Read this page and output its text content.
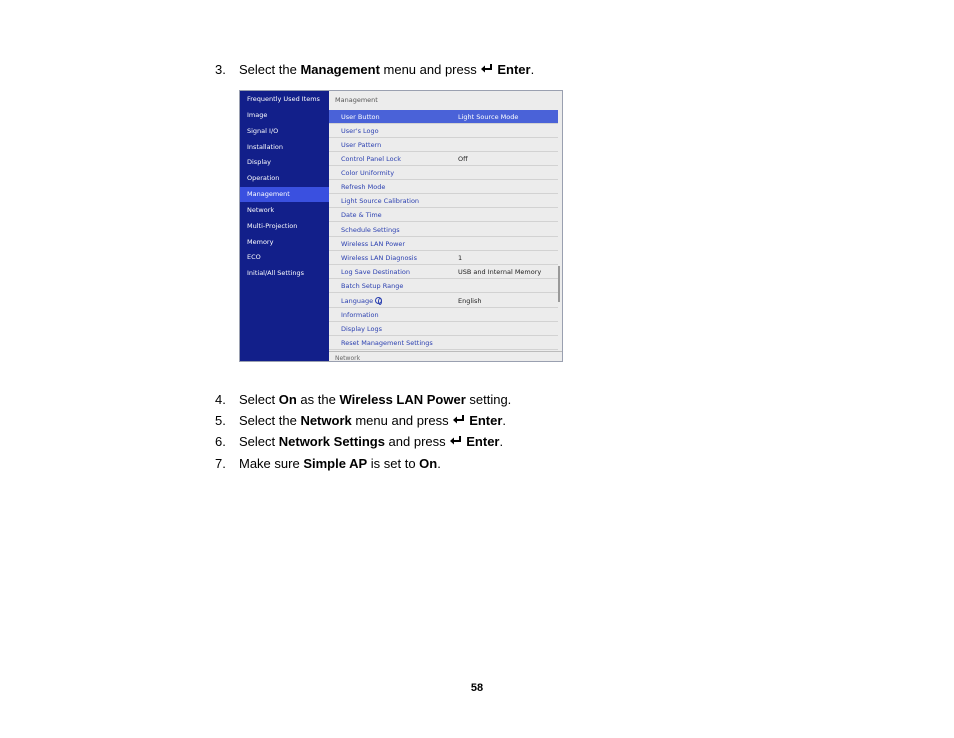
3. Select the Management menu and press Enter.
Frequently Used Items
Image
Signal I/O
Installation
Display
Operation
Management
Network
Multi-Projection
Memory
ECO
Initial/All Settings
Management
User Button	Light Source Mode
User's Logo
User Pattern
Control Panel Lock	Off
Color Uniformity
Refresh Mode
Light Source Calibration
Date & Time
Schedule Settings
Wireless LAN Power
Wireless LAN Diagnosis	1
Log Save Destination	USB and Internal Memory
Batch Setup Range
Language	English
Information
Display Logs
Reset Management Settings
Network
4. Select On as the Wireless LAN Power setting.
5. Select the Network menu and press Enter.
6. Select Network Settings and press Enter.
7. Make sure Simple AP is set to On.
58
